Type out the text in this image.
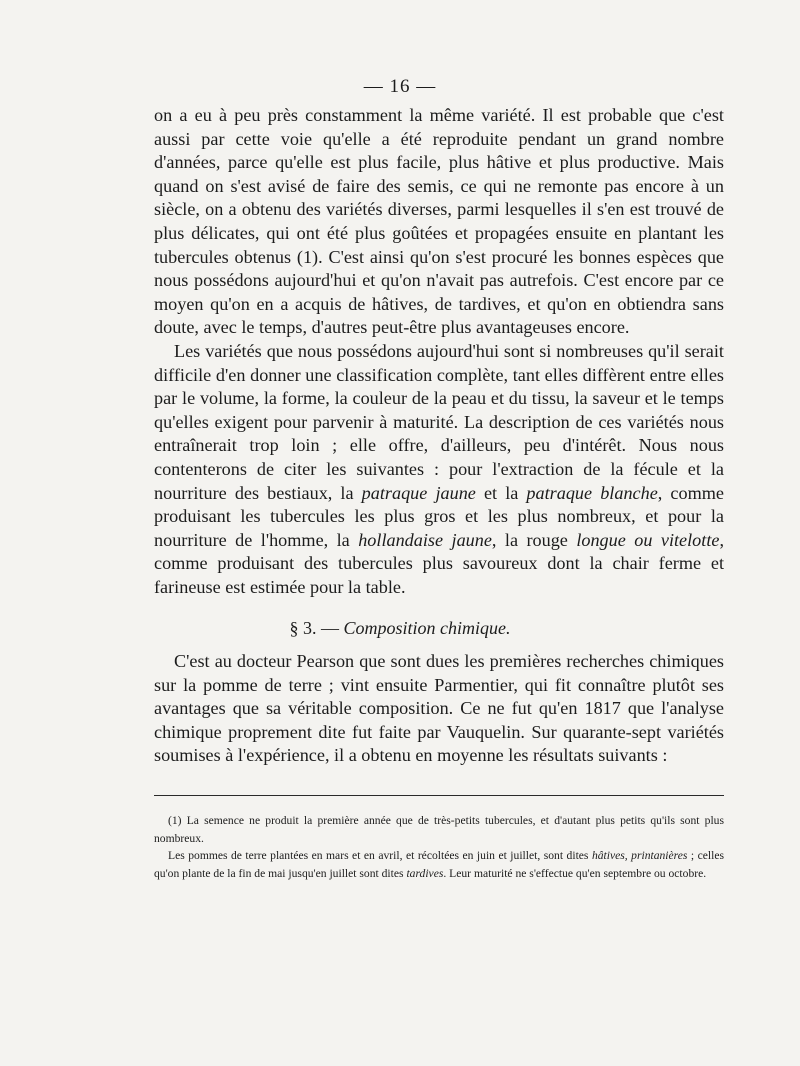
— 16 —

on a eu à peu près constamment la même variété. Il est probable que c'est aussi par cette voie qu'elle a été reproduite pendant un grand nombre d'années, parce qu'elle est plus facile, plus hâtive et plus productive. Mais quand on s'est avisé de faire des semis, ce qui ne remonte pas encore à un siècle, on a obtenu des variétés diverses, parmi lesquelles il s'en est trouvé de plus délicates, qui ont été plus goûtées et propagées ensuite en plantant les tubercules obtenus (1). C'est ainsi qu'on s'est procuré les bonnes espèces que nous possédons aujourd'hui et qu'on n'avait pas autrefois. C'est encore par ce moyen qu'on en a acquis de hâtives, de tardives, et qu'on en obtiendra sans doute, avec le temps, d'autres peut-être plus avantageuses encore.

Les variétés que nous possédons aujourd'hui sont si nombreuses qu'il serait difficile d'en donner une classification complète, tant elles diffèrent entre elles par le volume, la forme, la couleur de la peau et du tissu, la saveur et le temps qu'elles exigent pour parvenir à maturité. La description de ces variétés nous entraînerait trop loin ; elle offre, d'ailleurs, peu d'intérêt. Nous nous contenterons de citer les suivantes : pour l'extraction de la fécule et la nourriture des bestiaux, la patraque jaune et la patraque blanche, comme produisant les tubercules les plus gros et les plus nombreux, et pour la nourriture de l'homme, la hollandaise jaune, la rouge longue ou vitelotte, comme produisant des tubercules plus savoureux dont la chair ferme et farineuse est estimée pour la table.

§ 3. — Composition chimique.

C'est au docteur Pearson que sont dues les premières recherches chimiques sur la pomme de terre ; vint ensuite Parmentier, qui fit connaître plutôt ses avantages que sa véritable composition. Ce ne fut qu'en 1817 que l'analyse chimique proprement dite fut faite par Vauquelin. Sur quarante-sept variétés soumises à l'expérience, il a obtenu en moyenne les résultats suivants :

(1) La semence ne produit la première année que de très-petits tubercules, et d'autant plus petits qu'ils sont plus nombreux.

Les pommes de terre plantées en mars et en avril, et récoltées en juin et juillet, sont dites hâtives, printanières ; celles qu'on plante de la fin de mai jusqu'en juillet sont dites tardives. Leur maturité ne s'effectue qu'en septembre ou octobre.
